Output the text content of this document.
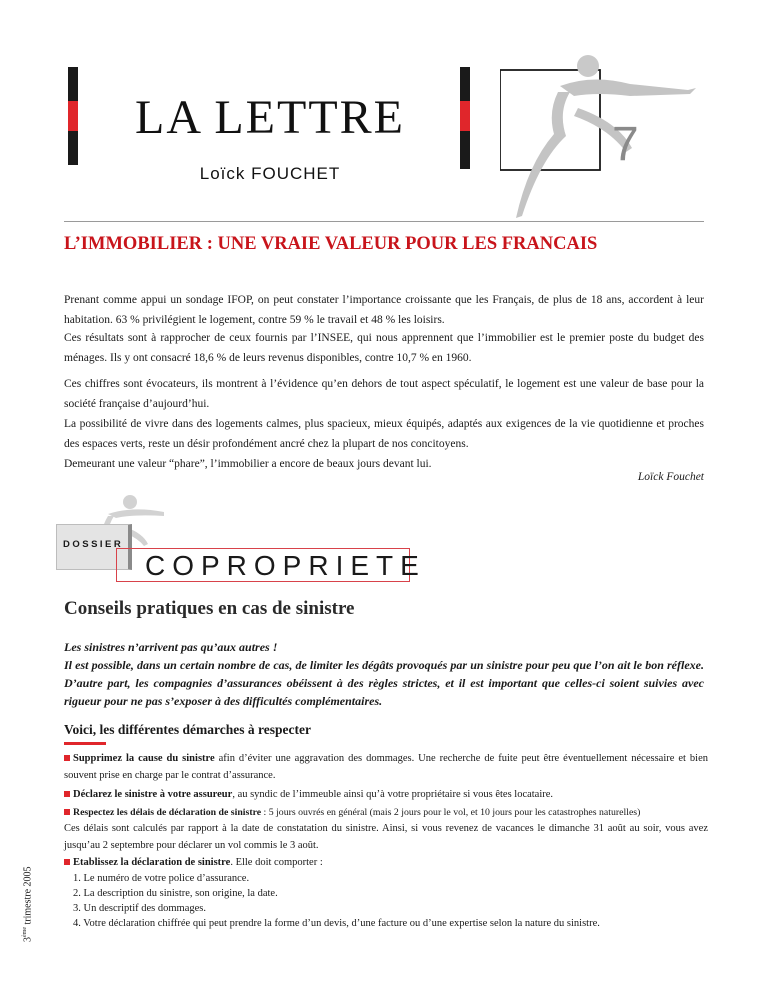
LA LETTRE
Loïck FOUCHET
7
L’IMMOBILIER : UNE VRAIE VALEUR POUR LES FRANCAIS

Prenant comme appui un sondage IFOP, on peut constater l’importance croissante que les Français, de plus de 18 ans, accordent à leur habitation. 63 % privilégient le logement, contre 59 % le travail et 48 % les loisirs.

Ces résultats sont à rapprocher de ceux fournis par l’INSEE, qui nous apprennent que l’immobilier est le premier poste du budget des ménages. Ils y ont consacré 18,6 % de leurs revenus disponibles, contre 10,7 % en 1960.

Ces chiffres sont évocateurs, ils montrent à l’évidence qu’en dehors de tout aspect spéculatif, le logement est une valeur de base pour la société française d’aujourd’hui.
La possibilité de vivre dans des logements calmes, plus spacieux, mieux équipés, adaptés aux exigences de la vie quotidienne et proches des espaces verts, reste un désir profondément ancré chez la plupart de nos concitoyens.
Demeurant une valeur “phare”, l’immobilier a encore de beaux jours devant lui.
Loïck Fouchet
DOSSIER
COPROPRIETE
Conseils pratiques en cas de sinistre
Les sinistres n’arrivent pas qu’aux autres !
Il est possible, dans un certain nombre de cas, de limiter les dégâts provoqués par un sinistre pour peu que l’on ait le bon réflexe. D’autre part, les compagnies d’assurances obéissent à des règles strictes, et il est important que celles-ci soient suivies avec rigueur pour ne pas s’exposer à des difficultés complémentaires.
Voici, les différentes démarches à respecter
Supprimez la cause du sinistre afin d’éviter une aggravation des dommages. Une recherche de fuite peut être éventuellement nécessaire et bien souvent prise en charge par le contrat d’assurance.
Déclarez le sinistre à votre assureur, au syndic de l’immeuble ainsi qu’à votre propriétaire si vous êtes locataire.
Respectez les délais de déclaration de sinistre : 5 jours ouvrés en général (mais 2 jours pour le vol, et 10 jours pour les catastrophes naturelles)
Ces délais sont calculés par rapport à la date de constatation du sinistre. Ainsi, si vous revenez de vacances le dimanche 31 août au soir, vous avez jusqu’au 2 septembre pour déclarer un vol commis le 3 août.
Etablissez la déclaration de sinistre. Elle doit comporter :
1. Le numéro de votre police d’assurance.
2. La description du sinistre, son origine, la date.
3. Un descriptif des dommages.
4. Votre déclaration chiffrée qui peut prendre la forme d’un devis, d’une facture ou d’une expertise selon la nature du sinistre.
3ème trimestre 2005
